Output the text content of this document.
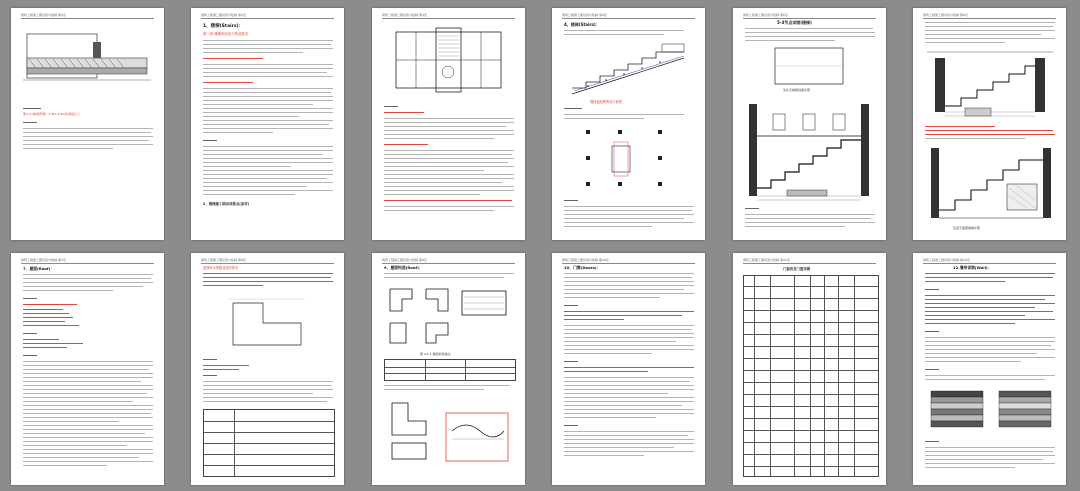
建筑工程施工图识读与绘制 第1章
第1.4-4级建筑物···1.8m-4.8m标准层以上
建筑工程施工图识读与绘制 第2章
1、楼梯(Stairs)：
第二章 楼梯的组成与构造要求
2、楼梯施工图识读要点(参考)
建筑工程施工图识读与绘制 第3章	建筑工程施工图识读与绘制 第4章
4、楼梯(Stairs)：
梯段板配筋构造示意图
建筑工程施工图识读与绘制 第5章
5-3节点详图(楼梯)
某住宅楼梯剖面详图
建筑工程施工图识读与绘制 第6章
底层平面图楼梯详图
建筑工程施工图识读与绘制 第7章
7、屋面(Roof)：
建筑工程施工图识读与绘制 第8章
屋面防水等级及设防要求
建筑工程施工图识读与绘制 第9章
9、屋面构造(Roof)：
图 2.1.1 屋面构造做法
建筑工程施工图识读与绘制 第10章
10、门窗(Doors)：
建筑工程施工图识读与绘制 第11章
门窗表及门窗详图
建筑工程施工图识读与绘制 第12章
12.墙身详图(Wall)：
